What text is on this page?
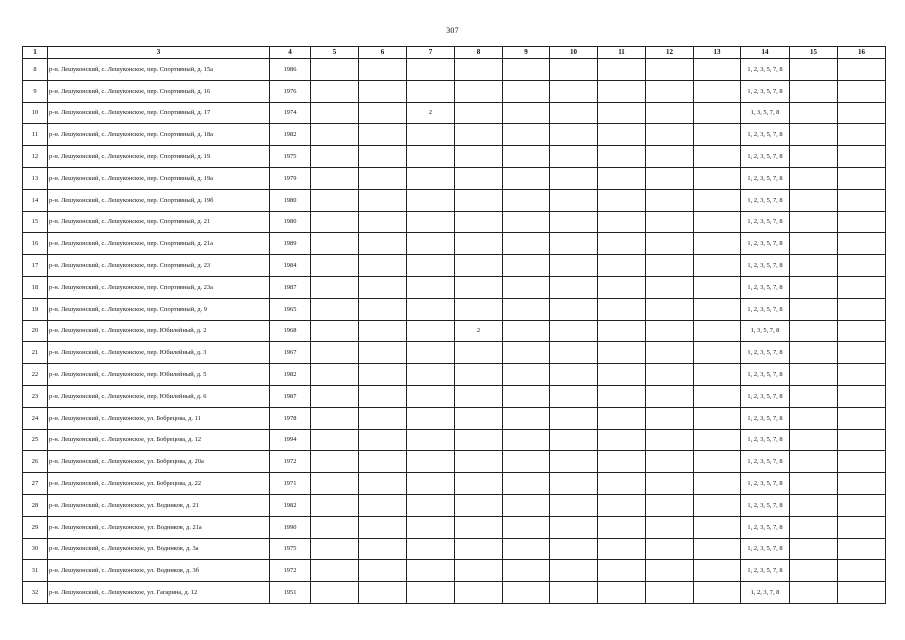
307
1	3	4	5	6	7	8	9	10	11	12	13	14	15	16
8	р-н. Лешуконский, с. Лешуконское, пер. Спортивный, д. 15а	1986										1, 2, 3, 5, 7, 8		
9	р-н. Лешуконский, с. Лешуконское, пер. Спортивный, д. 16	1976										1, 2, 3, 5, 7, 8		
10	р-н. Лешуконский, с. Лешуконское, пер. Спортивный, д. 17	1974			2							1, 3, 5, 7, 8		
11	р-н. Лешуконский, с. Лешуконское, пер. Спортивный, д. 18а	1982										1, 2, 3, 5, 7, 8		
12	р-н. Лешуконский, с. Лешуконское, пер. Спортивный, д. 19	1975										1, 2, 3, 5, 7, 8		
13	р-н. Лешуконский, с. Лешуконское, пер. Спортивный, д. 19а	1979										1, 2, 3, 5, 7, 8		
14	р-н. Лешуконский, с. Лешуконское, пер. Спортивный, д. 19б	1980										1, 2, 3, 5, 7, 8		
15	р-н. Лешуконский, с. Лешуконское, пер. Спортивный, д. 21	1980										1, 2, 3, 5, 7, 8		
16	р-н. Лешуконский, с. Лешуконское, пер. Спортивный, д. 21а	1989										1, 2, 3, 5, 7, 8		
17	р-н. Лешуконский, с. Лешуконское, пер. Спортивный, д. 23	1984										1, 2, 3, 5, 7, 8		
18	р-н. Лешуконский, с. Лешуконское, пер. Спортивный, д. 23а	1987										1, 2, 3, 5, 7, 8		
19	р-н. Лешуконский, с. Лешуконское, пер. Спортивный, д. 9	1965										1, 2, 3, 5, 7, 8		
20	р-н. Лешуконский, с. Лешуконское, пер. Юбилейный, д. 2	1968				2						1, 3, 5, 7, 8		
21	р-н. Лешуконский, с. Лешуконское, пер. Юбилейный, д. 3	1967										1, 2, 3, 5, 7, 8		
22	р-н. Лешуконский, с. Лешуконское, пер. Юбилейный, д. 5	1982										1, 2, 3, 5, 7, 8		
23	р-н. Лешуконский, с. Лешуконское, пер. Юбилейный, д. 6	1987										1, 2, 3, 5, 7, 8		
24	р-н. Лешуконский, с. Лешуконское, ул. Бобрецова, д. 11	1978										1, 2, 3, 5, 7, 8		
25	р-н. Лешуконский, с. Лешуконское, ул. Бобрецова, д. 12	1994										1, 2, 3, 5, 7, 8		
26	р-н. Лешуконский, с. Лешуконское, ул. Бобрецова, д. 20а	1972										1, 2, 3, 5, 7, 8		
27	р-н. Лешуконский, с. Лешуконское, ул. Бобрецова, д. 22	1971										1, 2, 3, 5, 7, 8		
28	р-н. Лешуконский, с. Лешуконское, ул. Водников, д. 21	1982										1, 2, 3, 5, 7, 8		
29	р-н. Лешуконский, с. Лешуконское, ул. Водников, д. 21а	1990										1, 2, 3, 5, 7, 8		
30	р-н. Лешуконский, с. Лешуконское, ул. Водников, д. 3а	1975										1, 2, 3, 5, 7, 8		
31	р-н. Лешуконский, с. Лешуконское, ул. Водников, д. 3б	1972										1, 2, 3, 5, 7, 8		
32	р-н. Лешуконский, с. Лешуконское, ул. Гагарина, д. 12	1951										1, 2, 3, 7, 8		
